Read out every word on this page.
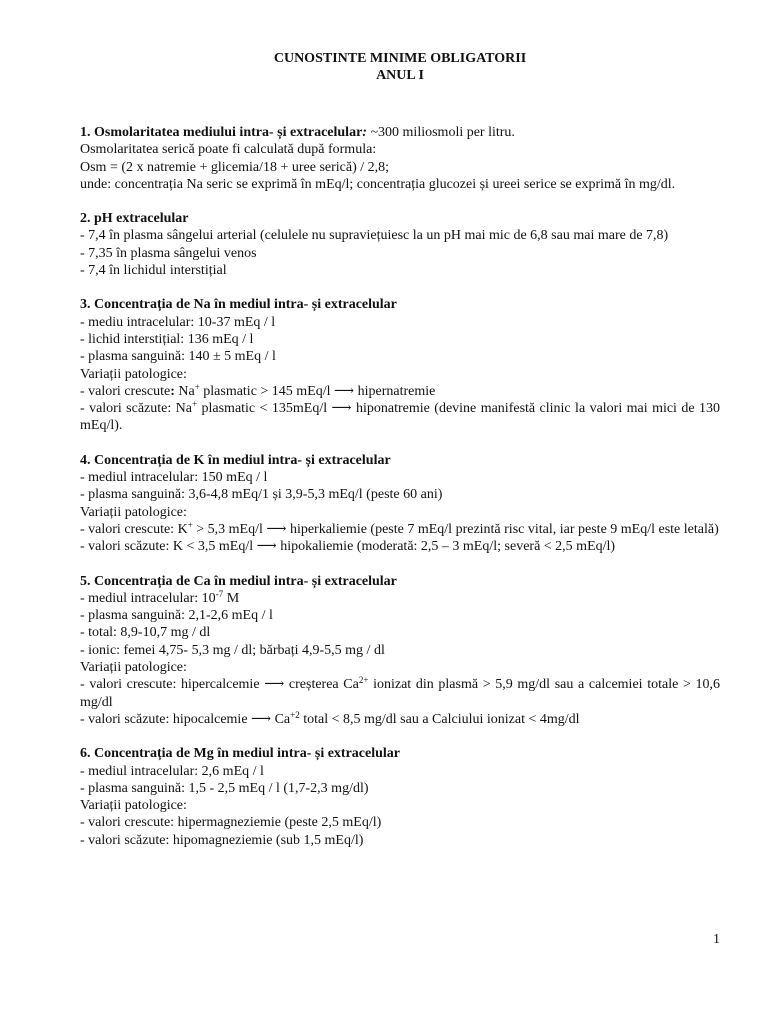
CUNOSTINTE MINIME OBLIGATORII
ANUL I
1. Osmolaritatea mediului intra- și extracelular: ~300 miliosmoli per litru.
Osmolaritatea serică poate fi calculată după formula:
Osm = (2 x natremie + glicemia/18 + uree serică) / 2,8;
unde: concentrația Na seric se exprimă în mEq/l; concentrația glucozei și ureei serice se exprimă în mg/dl.
2. pH extracelular
- 7,4 în plasma sângelui arterial (celulele nu supraviețuiesc la un pH mai mic de 6,8 sau mai mare de 7,8)
- 7,35 în plasma sângelui venos
- 7,4 în lichidul interstițial
3. Concentrația de Na în mediul intra- și extracelular
- mediu intracelular: 10-37 mEq / l
- lichid interstițial: 136 mEq / l
- plasma sanguină: 140 ± 5 mEq / l
Variații patologice:
- valori crescute: Na+ plasmatic > 145 mEq/l ⟶ hipernatremie
- valori scăzute: Na+ plasmatic < 135mEq/l ⟶ hiponatremie (devine manifestă clinic la valori mai mici de 130 mEq/l).
4. Concentrația de K în mediul intra- și extracelular
- mediul intracelular: 150 mEq / l
- plasma sanguină: 3,6-4,8 mEq/1 și 3,9-5,3 mEq/l (peste 60 ani)
Variații patologice:
- valori crescute: K+ > 5,3 mEq/l ⟶ hiperkaliemie (peste 7 mEq/l prezintă risc vital, iar peste 9 mEq/l este letală)
- valori scăzute: K < 3,5 mEq/l ⟶ hipokaliemie (moderată: 2,5 – 3 mEq/l; severă < 2,5 mEq/l)
5. Concentrația de Ca în mediul intra- și extracelular
- mediul intracelular: $10^{-7}$ M
- plasma sanguină: 2,1-2,6 mEq / l
- total: 8,9-10,7 mg / dl
- ionic: femei 4,75- 5,3 mg / dl; bărbați 4,9-5,5 mg / dl
Variații patologice:
- valori crescute: hipercalcemie ⟶ creșterea $Ca^{2+}$ ionizat din plasmă > 5,9 mg/dl sau a calcemiei totale > 10,6 mg/dl
- valori scăzute: hipocalcemie ⟶ $Ca^{+2}$ total < 8,5 mg/dl sau a Calciului ionizat < 4mg/dl
6. Concentrația de Mg în mediul intra- și extracelular
- mediul intracelular: 2,6 mEq / l
- plasma sanguină: 1,5 - 2,5 mEq / l (1,7-2,3 mg/dl)
Variații patologice:
- valori crescute: hipermagneziemie (peste 2,5 mEq/l)
- valori scăzute: hipomagneziemie (sub 1,5 mEq/l)
1
